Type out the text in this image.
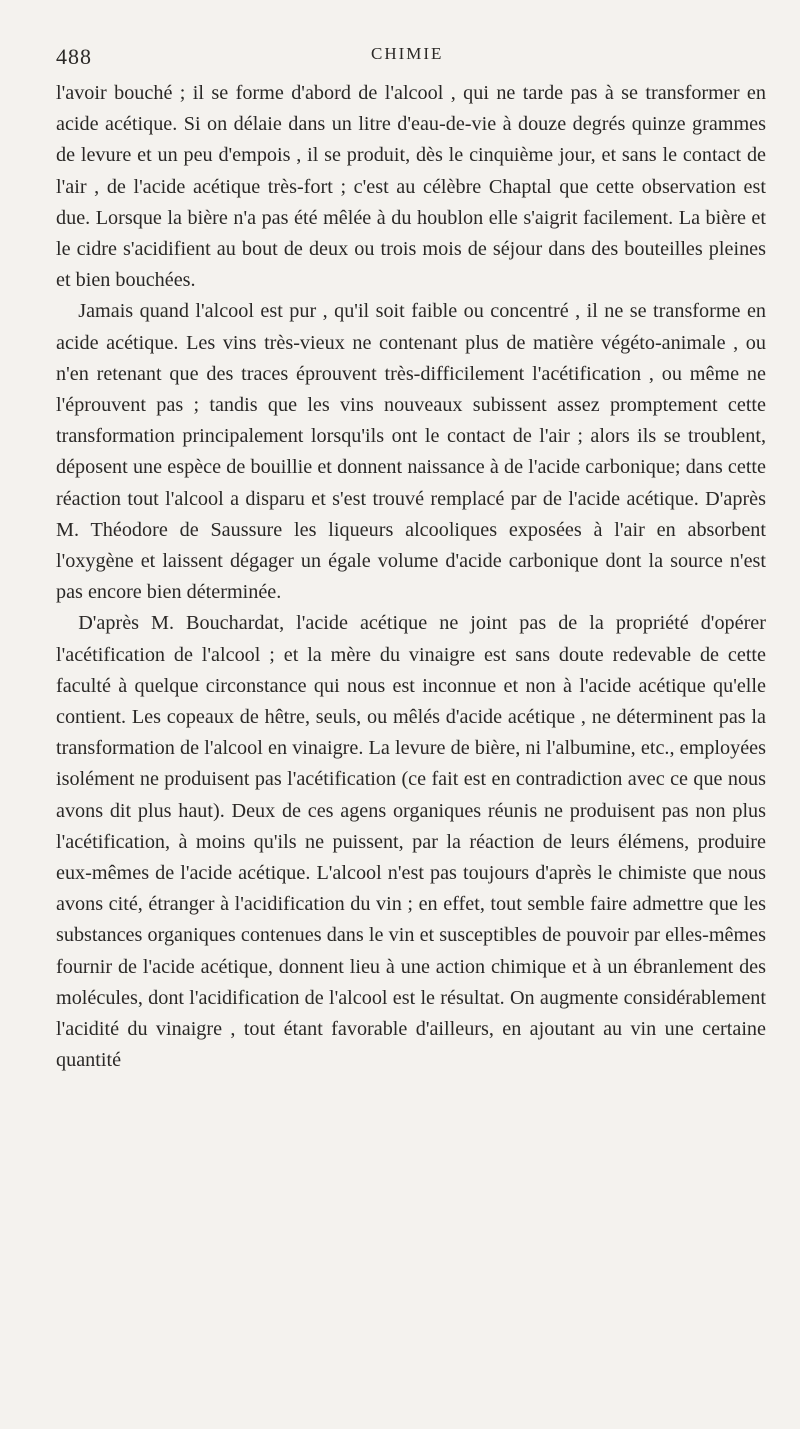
488	CHIMIE

l'avoir bouché ; il se forme d'abord de l'alcool , qui ne tarde pas à se transformer en acide acétique. Si on délaie dans un litre d'eau-de-vie à douze degrés quinze grammes de levure et un peu d'empois , il se produit, dès le cinquième jour, et sans le contact de l'air , de l'acide acétique très-fort ; c'est au célèbre Chaptal que cette observation est due. Lorsque la bière n'a pas été mêlée à du houblon elle s'aigrit facilement. La bière et le cidre s'acidifient au bout de deux ou trois mois de séjour dans des bouteilles pleines et bien bouchées.

Jamais quand l'alcool est pur , qu'il soit faible ou concentré , il ne se transforme en acide acétique. Les vins très-vieux ne contenant plus de matière végéto-animale , ou n'en retenant que des traces éprouvent très-difficilement l'acétification , ou même ne l'éprouvent pas ; tandis que les vins nouveaux subissent assez promptement cette transformation principalement lorsqu'ils ont le contact de l'air ; alors ils se troublent, déposent une espèce de bouillie et donnent naissance à de l'acide carbonique; dans cette réaction tout l'alcool a disparu et s'est trouvé remplacé par de l'acide acétique. D'après M. Théodore de Saussure les liqueurs alcooliques exposées à l'air en absorbent l'oxygène et laissent dégager un égale volume d'acide carbonique dont la source n'est pas encore bien déterminée.

D'après M. Bouchardat, l'acide acétique ne joint pas de la propriété d'opérer l'acétification de l'alcool ; et la mère du vinaigre est sans doute redevable de cette faculté à quelque circonstance qui nous est inconnue et non à l'acide acétique qu'elle contient. Les copeaux de hêtre, seuls, ou mêlés d'acide acétique , ne déterminent pas la transformation de l'alcool en vinaigre. La levure de bière, ni l'albumine, etc., employées isolément ne produisent pas l'acétification (ce fait est en contradiction avec ce que nous avons dit plus haut). Deux de ces agens organiques réunis ne produisent pas non plus l'acétification, à moins qu'ils ne puissent, par la réaction de leurs élémens, produire eux-mêmes de l'acide acétique. L'alcool n'est pas toujours d'après le chimiste que nous avons cité, étranger à l'acidification du vin ; en effet, tout semble faire admettre que les substances organiques contenues dans le vin et susceptibles de pouvoir par elles-mêmes fournir de l'acide acétique, donnent lieu à une action chimique et à un ébranlement des molécules, dont l'acidification de l'alcool est le résultat. On augmente considérablement l'acidité du vinaigre , tout étant favorable d'ailleurs, en ajoutant au vin une certaine quantité
